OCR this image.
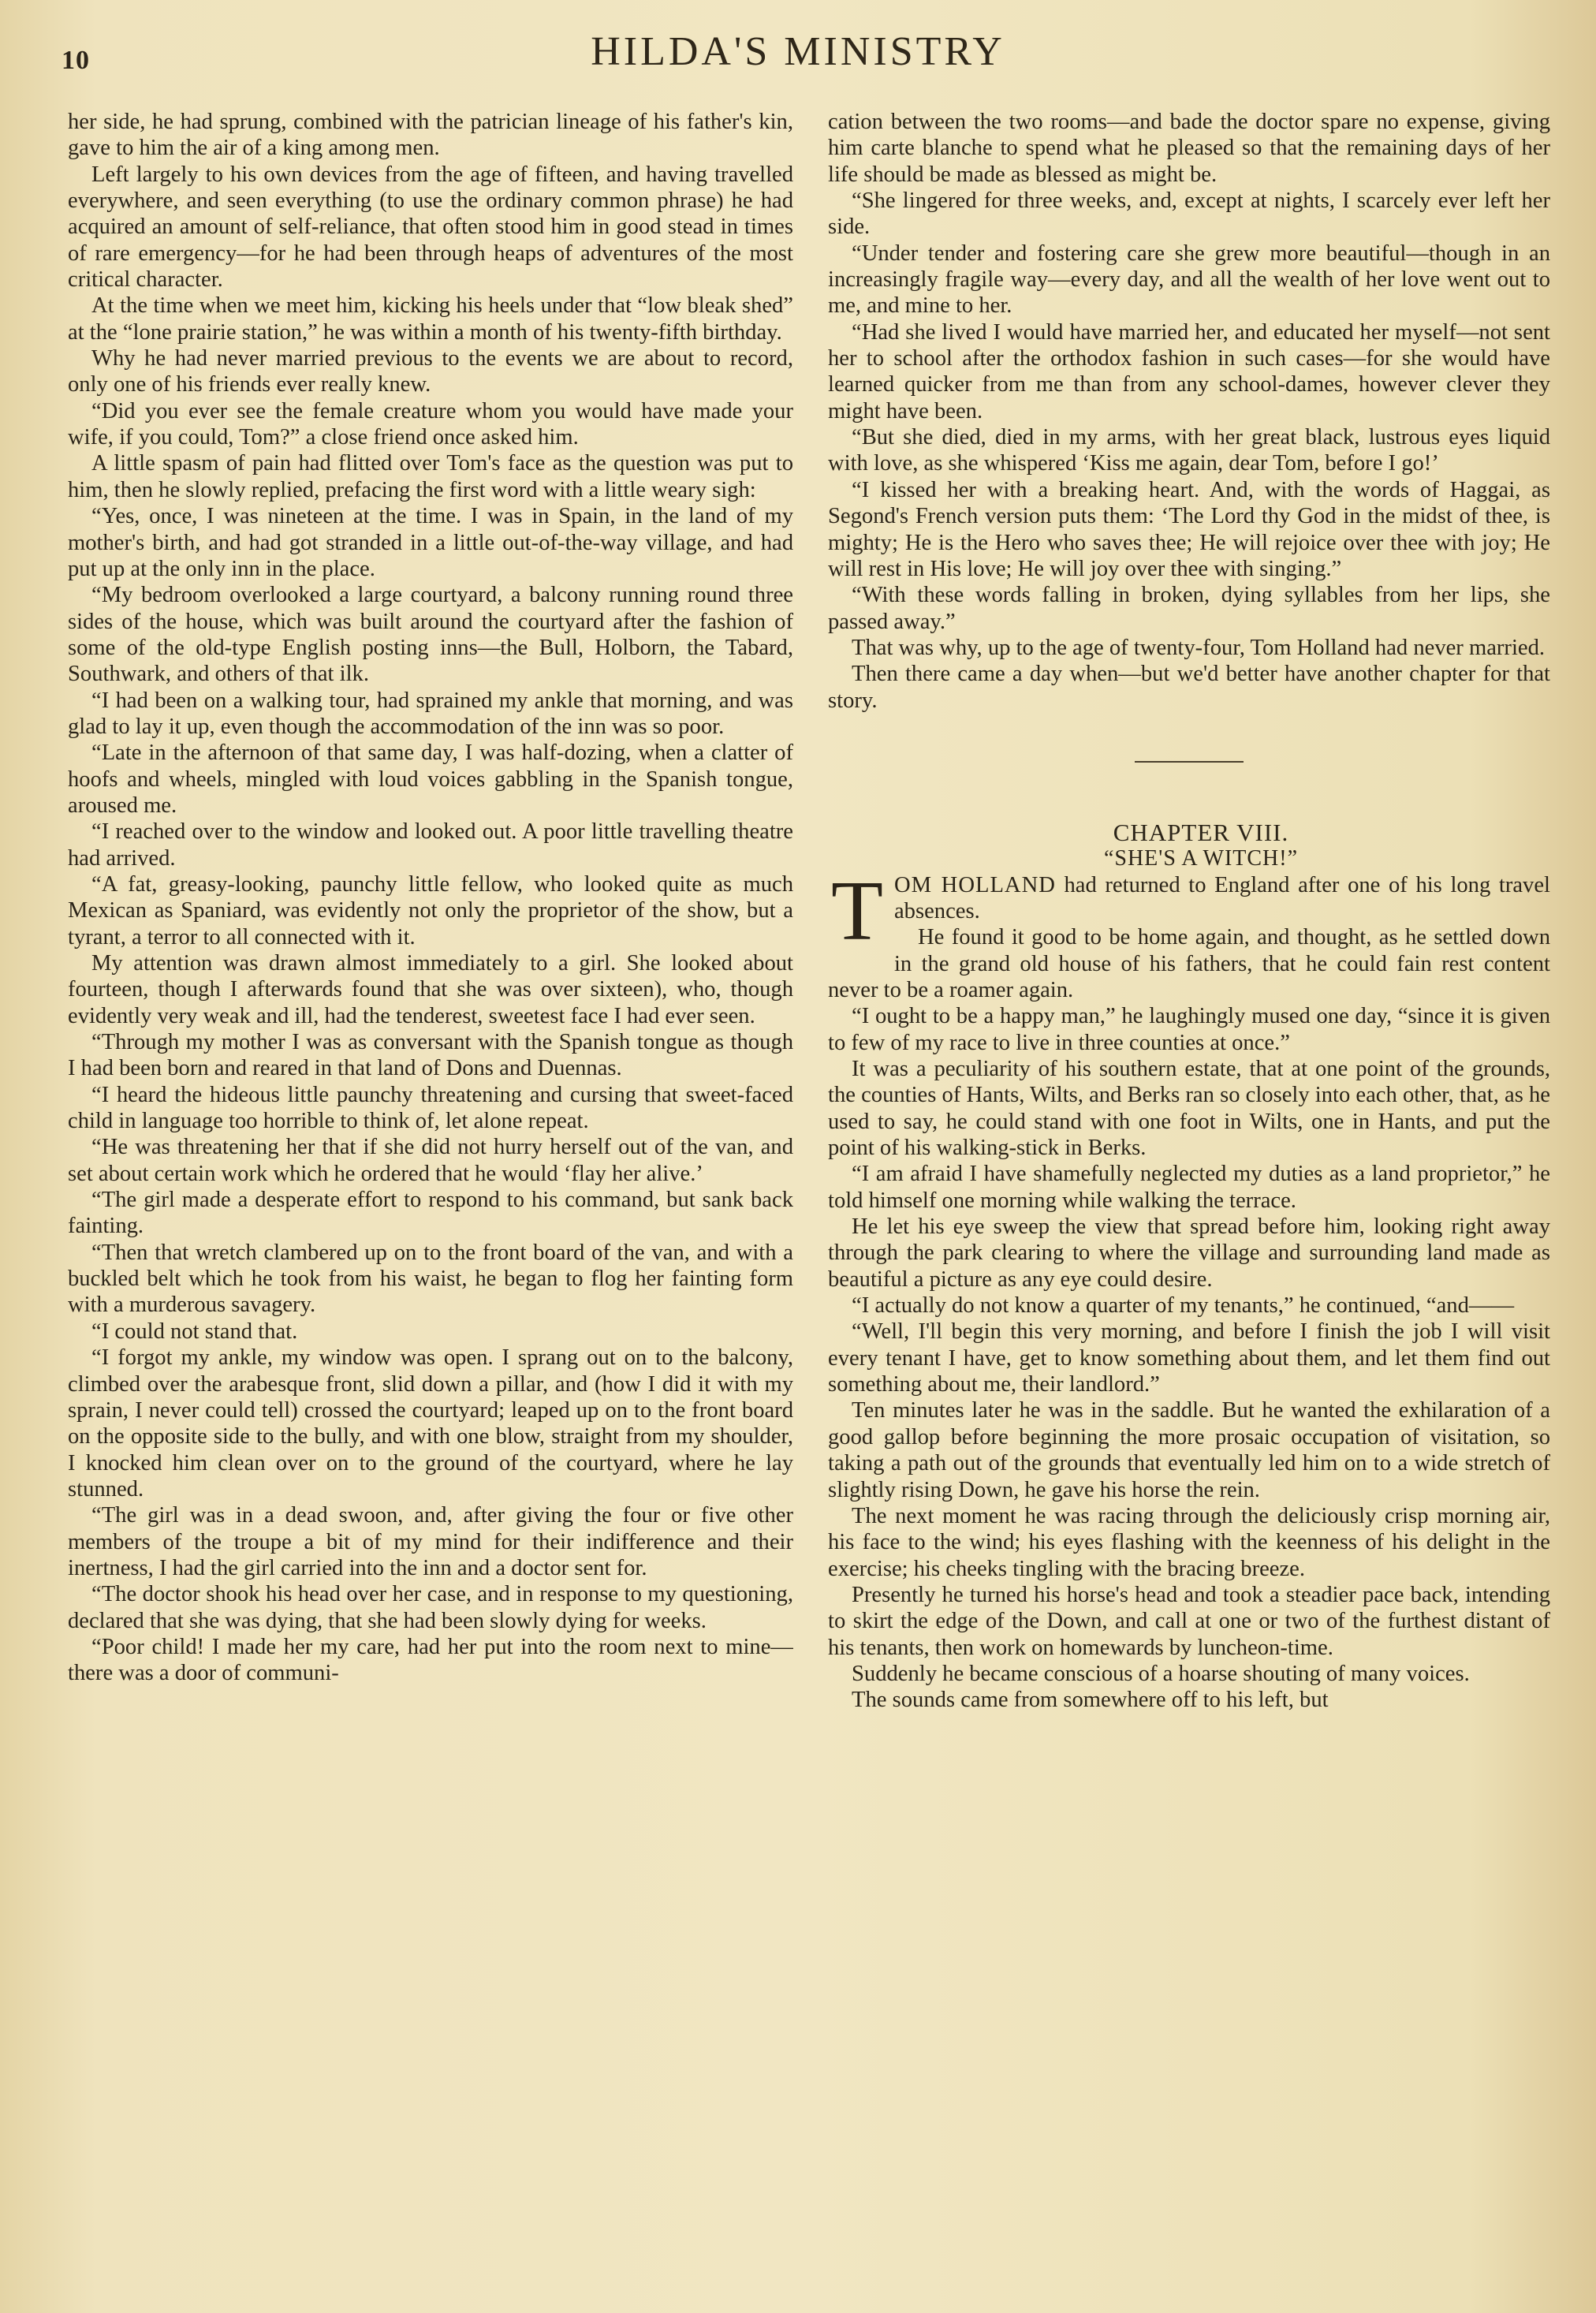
10	HILDA'S MINISTRY

her side, he had sprung, combined with the patrician lineage of his father's kin, gave to him the air of a king among men.

Left largely to his own devices from the age of fifteen, and having travelled everywhere, and seen everything (to use the ordinary common phrase) he had acquired an amount of self-reliance, that often stood him in good stead in times of rare emergency—for he had been through heaps of adventures of the most critical character.

At the time when we meet him, kicking his heels under that “low bleak shed” at the “lone prairie station,” he was within a month of his twenty-fifth birthday.

Why he had never married previous to the events we are about to record, only one of his friends ever really knew.

“Did you ever see the female creature whom you would have made your wife, if you could, Tom?” a close friend once asked him.

A little spasm of pain had flitted over Tom's face as the question was put to him, then he slowly replied, prefacing the first word with a little weary sigh:

“Yes, once, I was nineteen at the time. I was in Spain, in the land of my mother's birth, and had got stranded in a little out-of-the-way village, and had put up at the only inn in the place.

“My bedroom overlooked a large courtyard, a balcony running round three sides of the house, which was built around the courtyard after the fashion of some of the old-type English posting inns—the Bull, Holborn, the Tabard, Southwark, and others of that ilk.

“I had been on a walking tour, had sprained my ankle that morning, and was glad to lay it up, even though the accommodation of the inn was so poor.

“Late in the afternoon of that same day, I was half-dozing, when a clatter of hoofs and wheels, mingled with loud voices gabbling in the Spanish tongue, aroused me.

“I reached over to the window and looked out. A poor little travelling theatre had arrived.

“A fat, greasy-looking, paunchy little fellow, who looked quite as much Mexican as Spaniard, was evidently not only the proprietor of the show, but a tyrant, a terror to all connected with it.

My attention was drawn almost immediately to a girl. She looked about fourteen, though I afterwards found that she was over sixteen), who, though evidently very weak and ill, had the tenderest, sweetest face I had ever seen.

“Through my mother I was as conversant with the Spanish tongue as though I had been born and reared in that land of Dons and Duennas.

“I heard the hideous little paunchy threatening and cursing that sweet-faced child in language too horrible to think of, let alone repeat.

“He was threatening her that if she did not hurry herself out of the van, and set about certain work which he ordered that he would ‘flay her alive.’

“The girl made a desperate effort to respond to his command, but sank back fainting.

“Then that wretch clambered up on to the front board of the van, and with a buckled belt which he took from his waist, he began to flog her fainting form with a murderous savagery.

“I could not stand that.

“I forgot my ankle, my window was open. I sprang out on to the balcony, climbed over the arabesque front, slid down a pillar, and (how I did it with my sprain, I never could tell) crossed the courtyard; leaped up on to the front board on the opposite side to the bully, and with one blow, straight from my shoulder, I knocked him clean over on to the ground of the courtyard, where he lay stunned.

“The girl was in a dead swoon, and, after giving the four or five other members of the troupe a bit of my mind for their indifference and their inertness, I had the girl carried into the inn and a doctor sent for.

“The doctor shook his head over her case, and in response to my questioning, declared that she was dying, that she had been slowly dying for weeks.

“Poor child! I made her my care, had her put into the room next to mine—there was a door of communi-

cation between the two rooms—and bade the doctor spare no expense, giving him carte blanche to spend what he pleased so that the remaining days of her life should be made as blessed as might be.

“She lingered for three weeks, and, except at nights, I scarcely ever left her side.

“Under tender and fostering care she grew more beautiful—though in an increasingly fragile way—every day, and all the wealth of her love went out to me, and mine to her.

“Had she lived I would have married her, and educated her myself—not sent her to school after the orthodox fashion in such cases—for she would have learned quicker from me than from any school-dames, however clever they might have been.

“But she died, died in my arms, with her great black, lustrous eyes liquid with love, as she whispered ‘Kiss me again, dear Tom, before I go!’

“I kissed her with a breaking heart. And, with the words of Haggai, as Segond's French version puts them: ‘The Lord thy God in the midst of thee, is mighty; He is the Hero who saves thee; He will rejoice over thee with joy; He will rest in His love; He will joy over thee with singing.”

“With these words falling in broken, dying syllables from her lips, she passed away.”

That was why, up to the age of twenty-four, Tom Holland had never married.

Then there came a day when—but we'd better have another chapter for that story.

CHAPTER VIII.

“SHE'S A WITCH!”

TOM HOLLAND had returned to England after one of his long travel absences.

He found it good to be home again, and thought, as he settled down in the grand old house of his fathers, that he could fain rest content never to be a roamer again.

“I ought to be a happy man,” he laughingly mused one day, “since it is given to few of my race to live in three counties at once.”

It was a peculiarity of his southern estate, that at one point of the grounds, the counties of Hants, Wilts, and Berks ran so closely into each other, that, as he used to say, he could stand with one foot in Wilts, one in Hants, and put the point of his walking-stick in Berks.

“I am afraid I have shamefully neglected my duties as a land proprietor,” he told himself one morning while walking the terrace.

He let his eye sweep the view that spread before him, looking right away through the park clearing to where the village and surrounding land made as beautiful a picture as any eye could desire.

“I actually do not know a quarter of my tenants,” he continued, “and——

“Well, I'll begin this very morning, and before I finish the job I will visit every tenant I have, get to know something about them, and let them find out something about me, their landlord.”

Ten minutes later he was in the saddle. But he wanted the exhilaration of a good gallop before beginning the more prosaic occupation of visitation, so taking a path out of the grounds that eventually led him on to a wide stretch of slightly rising Down, he gave his horse the rein.

The next moment he was racing through the deliciously crisp morning air, his face to the wind; his eyes flashing with the keenness of his delight in the exercise; his cheeks tingling with the bracing breeze.

Presently he turned his horse's head and took a steadier pace back, intending to skirt the edge of the Down, and call at one or two of the furthest distant of his tenants, then work on homewards by luncheon-time.

Suddenly he became conscious of a hoarse shouting of many voices.

The sounds came from somewhere off to his left, but
